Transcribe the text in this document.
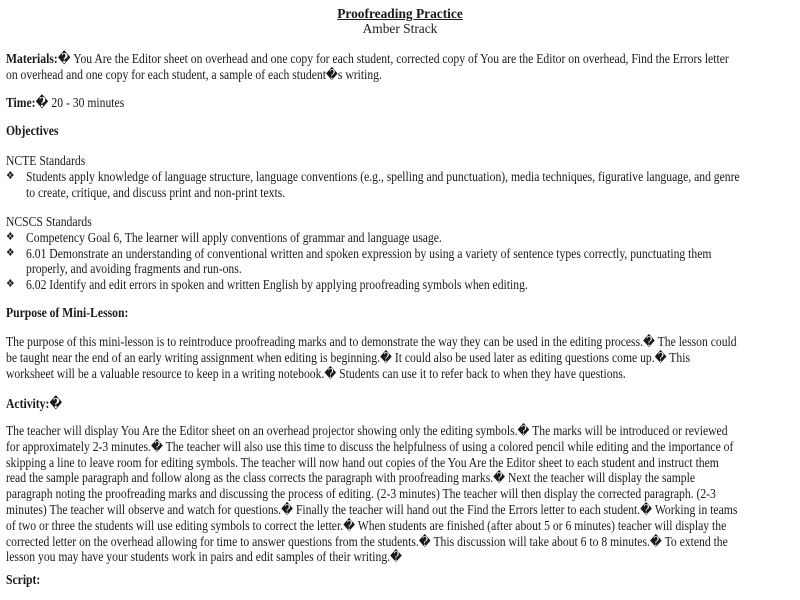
Proofreading Practice
Amber Strack
Materials:� You Are the Editor sheet on overhead and one copy for each student, corrected copy of You are the Editor on overhead, Find the Errors letter
on overhead and one copy for each student, a sample of each student�s writing.
Time:� 20 - 30 minutes
Objectives
NCTE Standards
❖ Students apply knowledge of language structure, language conventions (e.g., spelling and punctuation), media techniques, figurative language, and genre
to create, critique, and discuss print and non-print texts.
NCSCS Standards
❖ Competency Goal 6, The learner will apply conventions of grammar and language usage.
❖ 6.01 Demonstrate an understanding of conventional written and spoken expression by using a variety of sentence types correctly, punctuating them
properly, and avoiding fragments and run-ons.
❖ 6.02 Identify and edit errors in spoken and written English by applying proofreading symbols when editing.
Purpose of Mini-Lesson:
The purpose of this mini-lesson is to reintroduce proofreading marks and to demonstrate the way they can be used in the editing process.� The lesson could
be taught near the end of an early writing assignment when editing is beginning.� It could also be used later as editing questions come up.� This
worksheet will be a valuable resource to keep in a writing notebook.� Students can use it to refer back to when they have questions.
Activity:�
The teacher will display You Are the Editor sheet on an overhead projector showing only the editing symbols.� The marks will be introduced or reviewed
for approximately 2-3 minutes.� The teacher will also use this time to discuss the helpfulness of using a colored pencil while editing and the importance of
skipping a line to leave room for editing symbols. The teacher will now hand out copies of the You Are the Editor sheet to each student and instruct them
read the sample paragraph and follow along as the class corrects the paragraph with proofreading marks.� Next the teacher will display the sample
paragraph noting the proofreading marks and discussing the process of editing. (2-3 minutes) The teacher will then display the corrected paragraph. (2-3
minutes) The teacher will observe and watch for questions.� Finally the teacher will hand out the Find the Errors letter to each student.� Working in teams
of two or three the students will use editing symbols to correct the letter.� When students are finished (after about 5 or 6 minutes) teacher will display the
corrected letter on the overhead allowing for time to answer questions from the students.� This discussion will take about 6 to 8 minutes.� To extend the
lesson you may have your students work in pairs and edit samples of their writing.�
Script:
